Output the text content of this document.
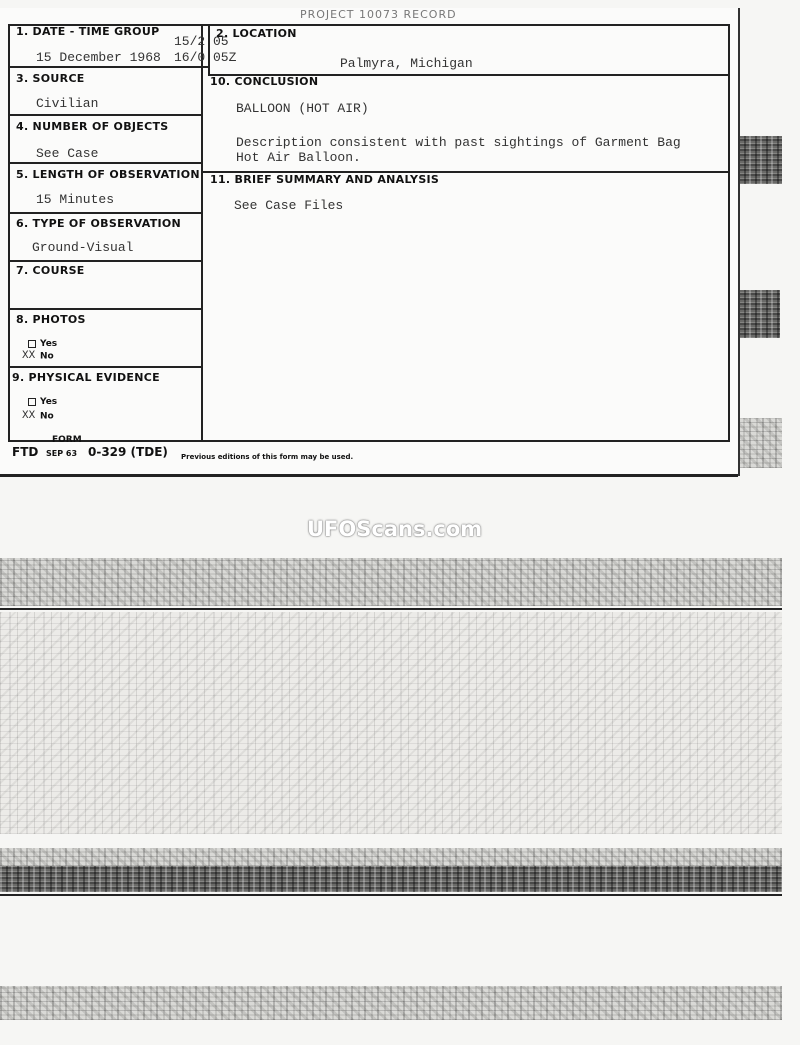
PROJECT 10073 RECORD
1. DATE - TIME GROUP
15/2 05
15 December 1968 16/0 05Z
2. LOCATION
Palmyra, Michigan
3. SOURCE
Civilian
4. NUMBER OF OBJECTS
See Case
5. LENGTH OF OBSERVATION
15 Minutes
6. TYPE OF OBSERVATION
Ground-Visual
7. COURSE
8. PHOTOS
Yes
XX No
9. PHYSICAL EVIDENCE
Yes
XX No
10. CONCLUSION
BALLOON (HOT AIR)
Description consistent with past sightings of Garment Bag
Hot Air Balloon.
11. BRIEF SUMMARY AND ANALYSIS
See Case Files
FORM
FTD SEP 63 0-329 (TDE) Previous editions of this form may be used.
UFOScans.com
